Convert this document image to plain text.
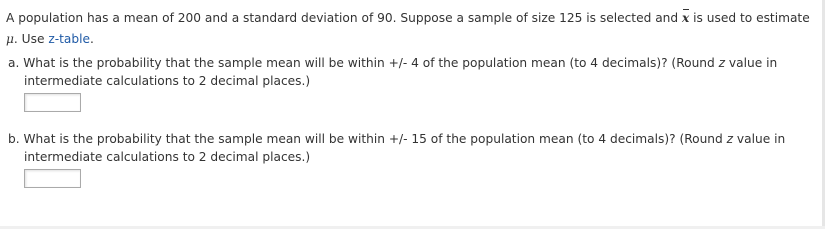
A population has a mean of 200 and a standard deviation of 90. Suppose a sample of size 125 is selected and x is used to estimate
μ. Use z-table.
a. What is the probability that the sample mean will be within +/- 4 of the population mean (to 4 decimals)? (Round z value in
intermediate calculations to 2 decimal places.)
b. What is the probability that the sample mean will be within +/- 15 of the population mean (to 4 decimals)? (Round z value in
intermediate calculations to 2 decimal places.)
